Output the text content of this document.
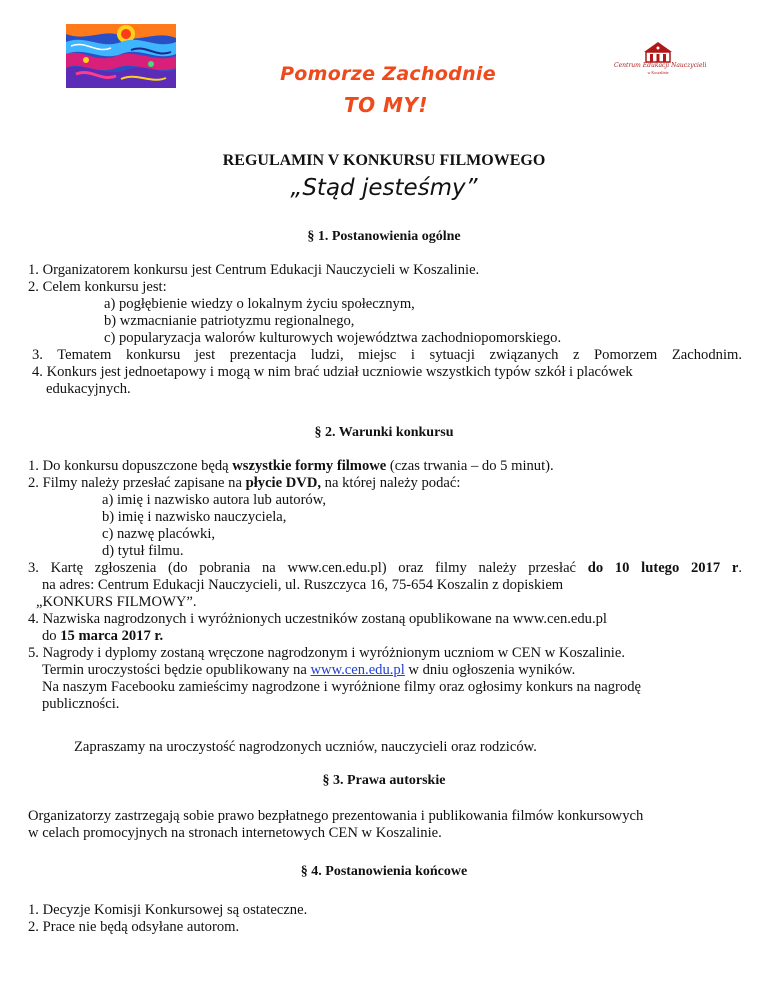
Centrum Edukacji Nauczycieli
w Koszalinie
Pomorze Zachodnie
TO MY!
REGULAMIN V KONKURSU FILMOWEGO
„Stąd jesteśmy”
§ 1. Postanowienia ogólne
1. Organizatorem konkursu jest Centrum Edukacji Nauczycieli w Koszalinie.
2. Celem konkursu jest:
a) pogłębienie wiedzy o lokalnym życiu społecznym,
b) wzmacnianie patriotyzmu regionalnego,
c) popularyzacja walorów kulturowych województwa zachodniopomorskiego.
3. Tematem konkursu jest prezentacja ludzi, miejsc i sytuacji związanych z Pomorzem Zachodnim.
4. Konkurs jest jednoetapowy i mogą w nim brać udział uczniowie wszystkich typów szkół i placówek
edukacyjnych.
§ 2. Warunki konkursu
1. Do konkursu dopuszczone będą wszystkie formy filmowe (czas trwania – do 5 minut).
2. Filmy należy przesłać zapisane na płycie DVD, na której należy podać:
a) imię i nazwisko autora lub autorów,
b) imię i nazwisko nauczyciela,
c) nazwę placówki,
d) tytuł filmu.
3. Kartę zgłoszenia (do pobrania na www.cen.edu.pl) oraz filmy należy przesłać do 10 lutego 2017 r.
na adres: Centrum Edukacji Nauczycieli, ul. Ruszczyca 16, 75-654 Koszalin z dopiskiem
„KONKURS FILMOWY”.
4. Nazwiska nagrodzonych i wyróżnionych uczestników zostaną opublikowane na www.cen.edu.pl
do 15 marca 2017 r.
5. Nagrody i dyplomy zostaną wręczone nagrodzonym i wyróżnionym uczniom w CEN w Koszalinie.
Termin uroczystości będzie opublikowany na www.cen.edu.pl w dniu ogłoszenia wyników.
Na naszym Facebooku zamieścimy nagrodzone i wyróżnione filmy oraz ogłosimy konkurs na nagrodę
publiczności.
Zapraszamy na uroczystość nagrodzonych uczniów, nauczycieli oraz rodziców.
§ 3. Prawa autorskie
Organizatorzy zastrzegają sobie prawo bezpłatnego prezentowania i publikowania filmów konkursowych
w celach promocyjnych na stronach internetowych CEN w Koszalinie.
§ 4. Postanowienia końcowe
1. Decyzje Komisji Konkursowej są ostateczne.
2. Prace nie będą odsyłane autorom.
